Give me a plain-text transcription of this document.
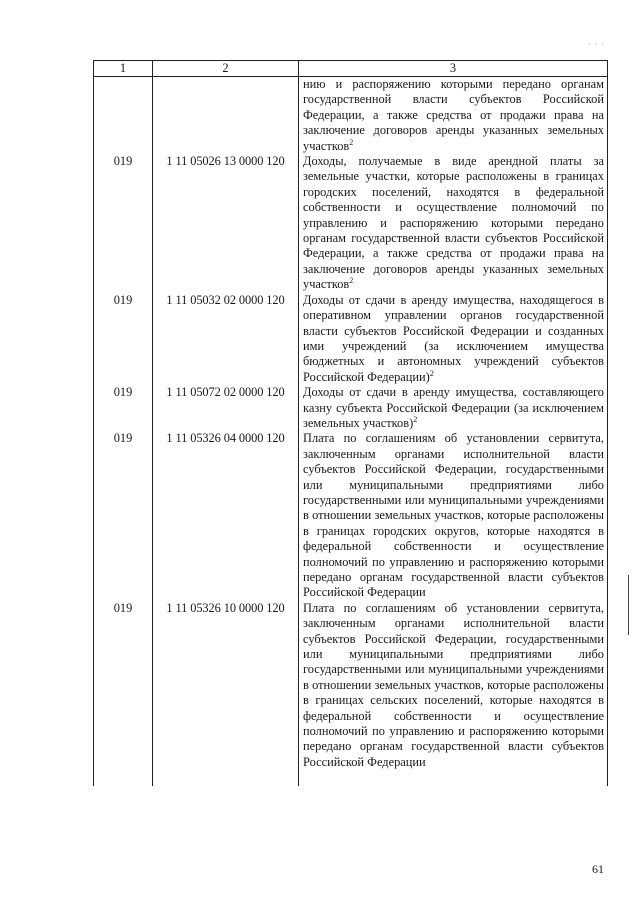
· · ·
1	2	3
		нию и распоряжению которыми передано органам государственной власти субъектов Российской Федерации, а также средства от продажи права на заключение договоров аренды указанных земельных участков$^2$
019	1 11 05026 13 0000 120	Доходы, получаемые в виде арендной платы за земельные участки, которые расположены в границах городских поселений, находятся в федеральной собственности и осуществление полномочий по управлению и распоряжению которыми передано органам государственной власти субъектов Российской Федерации, а также средства от продажи права на заключение договоров аренды указанных земельных участков$^2$
019	1 11 05032 02 0000 120	Доходы от сдачи в аренду имущества, находящегося в оперативном управлении органов государственной власти субъектов Российской Федерации и созданных ими учреждений (за исключением имущества бюджетных и автономных учреждений субъектов Российской Федерации)$^2$
019	1 11 05072 02 0000 120	Доходы от сдачи в аренду имущества, составляющего казну субъекта Российской Федерации (за исключением земельных участков)$^2$
019	1 11 05326 04 0000 120	Плата по соглашениям об установлении сервитута, заключенным органами исполнительной власти субъектов Российской Федерации, государственными или муниципальными предприятиями либо государственными или муниципальными учреждениями в отношении земельных участков, которые расположены в границах городских округов, которые находятся в федеральной собственности и осуществление полномочий по управлению и распоряжению которыми передано органам государственной власти субъектов Российской Федерации
019	1 11 05326 10 0000 120	Плата по соглашениям об установлении сервитута, заключенным органами исполнительной власти субъектов Российской Федерации, государственными или муниципальными предприятиями либо государственными или муниципальными учреждениями в отношении земельных участков, которые расположены в границах сельских поселений, которые находятся в федеральной собственности и осуществление полномочий по управлению и распоряжению которыми передано органам государственной власти субъектов Российской Федерации

61
